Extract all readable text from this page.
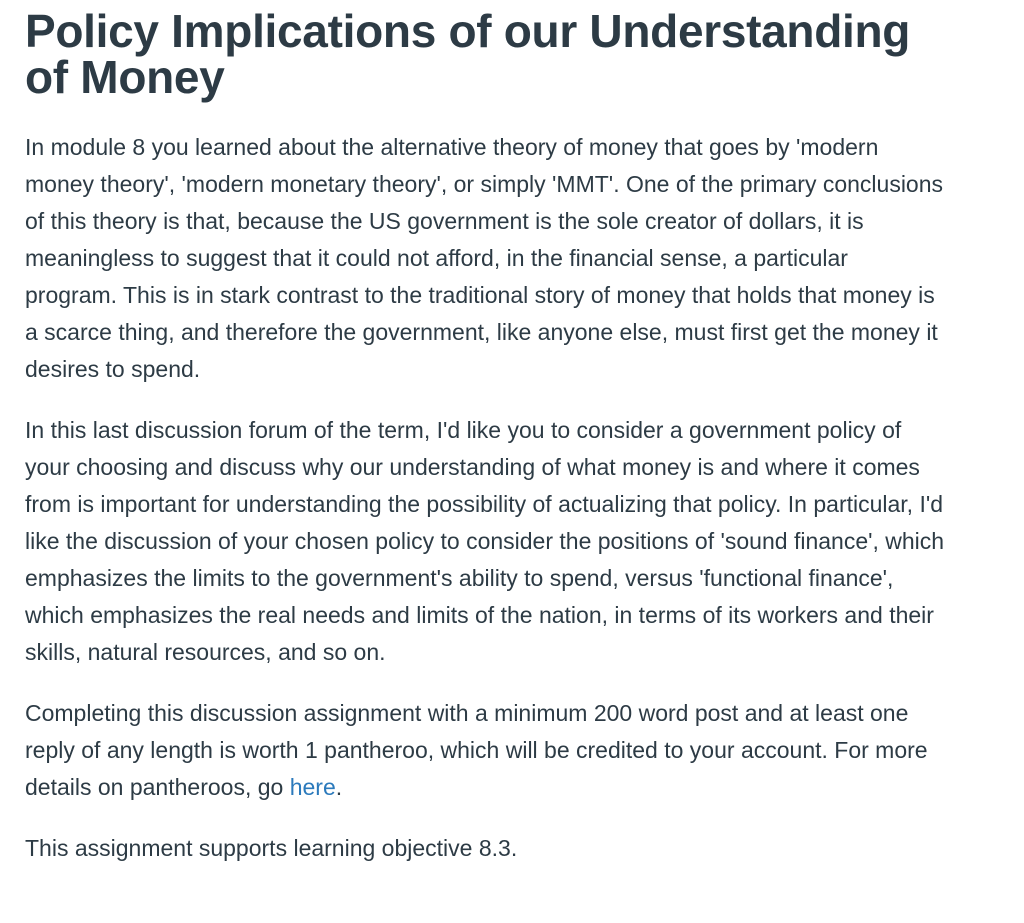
Policy Implications of our Understanding of Money

In module 8 you learned about the alternative theory of money that goes by 'modern money theory', 'modern monetary theory', or simply 'MMT'. One of the primary conclusions of this theory is that, because the US government is the sole creator of dollars, it is meaningless to suggest that it could not afford, in the financial sense, a particular program. This is in stark contrast to the traditional story of money that holds that money is a scarce thing, and therefore the government, like anyone else, must first get the money it desires to spend.

In this last discussion forum of the term, I'd like you to consider a government policy of your choosing and discuss why our understanding of what money is and where it comes from is important for understanding the possibility of actualizing that policy. In particular, I'd like the discussion of your chosen policy to consider the positions of 'sound finance', which emphasizes the limits to the government's ability to spend, versus 'functional finance', which emphasizes the real needs and limits of the nation, in terms of its workers and their skills, natural resources, and so on.

Completing this discussion assignment with a minimum 200 word post and at least one reply of any length is worth 1 pantheroo, which will be credited to your account. For more details on pantheroos, go here.

This assignment supports learning objective 8.3.
